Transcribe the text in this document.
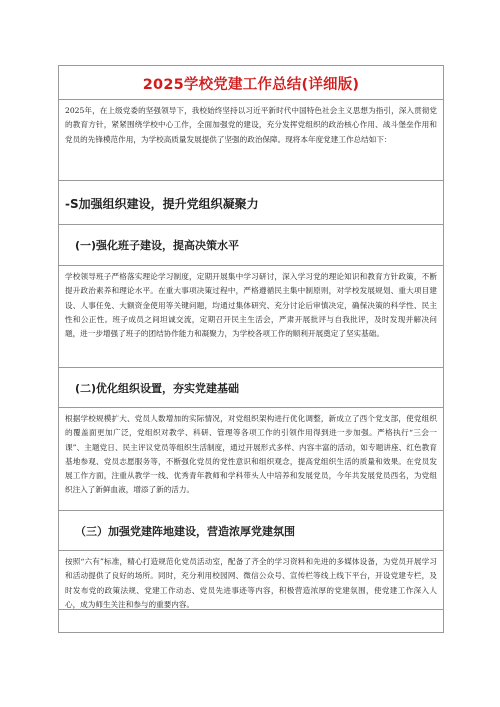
2025学校党建工作总结(详细版)
2025年，在上级党委的坚强领导下，我校始终坚持以习近平新时代中国特色社会主义思想为指引，深入贯彻党的教育方针，紧紧围绕学校中心工作，全面加强党的建设，充分发挥党组织的政治核心作用、战斗堡垒作用和党员的先锋模范作用，为学校高质量发展提供了坚强的政治保障。现将本年度党建工作总结如下：
-S加强组织建设，提升党组织凝聚力
(一)强化班子建设，提高决策水平
学校领导班子严格落实理论学习制度，定期开展集中学习研讨，深入学习党的理论知识和教育方针政策，不断提升政治素养和理论水平。在重大事项决策过程中，严格遵循民主集中制原则，对学校发展规划、重大项目建设、人事任免、大额资金使用等关键问题，均通过集体研究、充分讨论后审慎决定，确保决策的科学性、民主性和公正性。班子成员之间坦诚交流，定期召开民主生活会，严肃开展批评与自我批评，及时发现并解决问题，进一步增强了班子的团结协作能力和凝聚力，为学校各项工作的顺利开展奠定了坚实基础。
(二)优化组织设置，夯实党建基础
根据学校规模扩大、党员人数增加的实际情况，对党组织架构进行优化调整，新成立了西个党支部，使党组织的覆盖面更加广泛，党组织对教学、科研、管理等各项工作的引领作用得到进一步加强。严格执行“三会一课”、主题党日、民主评议党员等组织生活制度，通过开展形式多样、内容丰富的活动，如专题讲座、红色教育基地参观、党员志愿服务等，不断强化党员的党性意识和组织观念，提高党组织生活的质量和效果。在党员发展工作方面，注重从教学一线、优秀青年教师和学科带头人中培养和发展党员，今年共发展党员西名，为党组织注入了新鲜血液，增添了新的活力。
（三）加强党建阵地建设，营造浓厚党建氛围
按照“六有”标准，精心打造规范化党员活动室，配备了齐全的学习资料和先进的多媒体设备，为党员开展学习和活动提供了良好的场所。同时，充分利用校园网、微信公众号、宣传栏等线上线下平台，开设党建专栏，及时发布党的政策法规、党建工作动态、党员先进事迹等内容，积极营造浓厚的党建氛围，使党建工作深入人心，成为师生关注和参与的重要内容。
